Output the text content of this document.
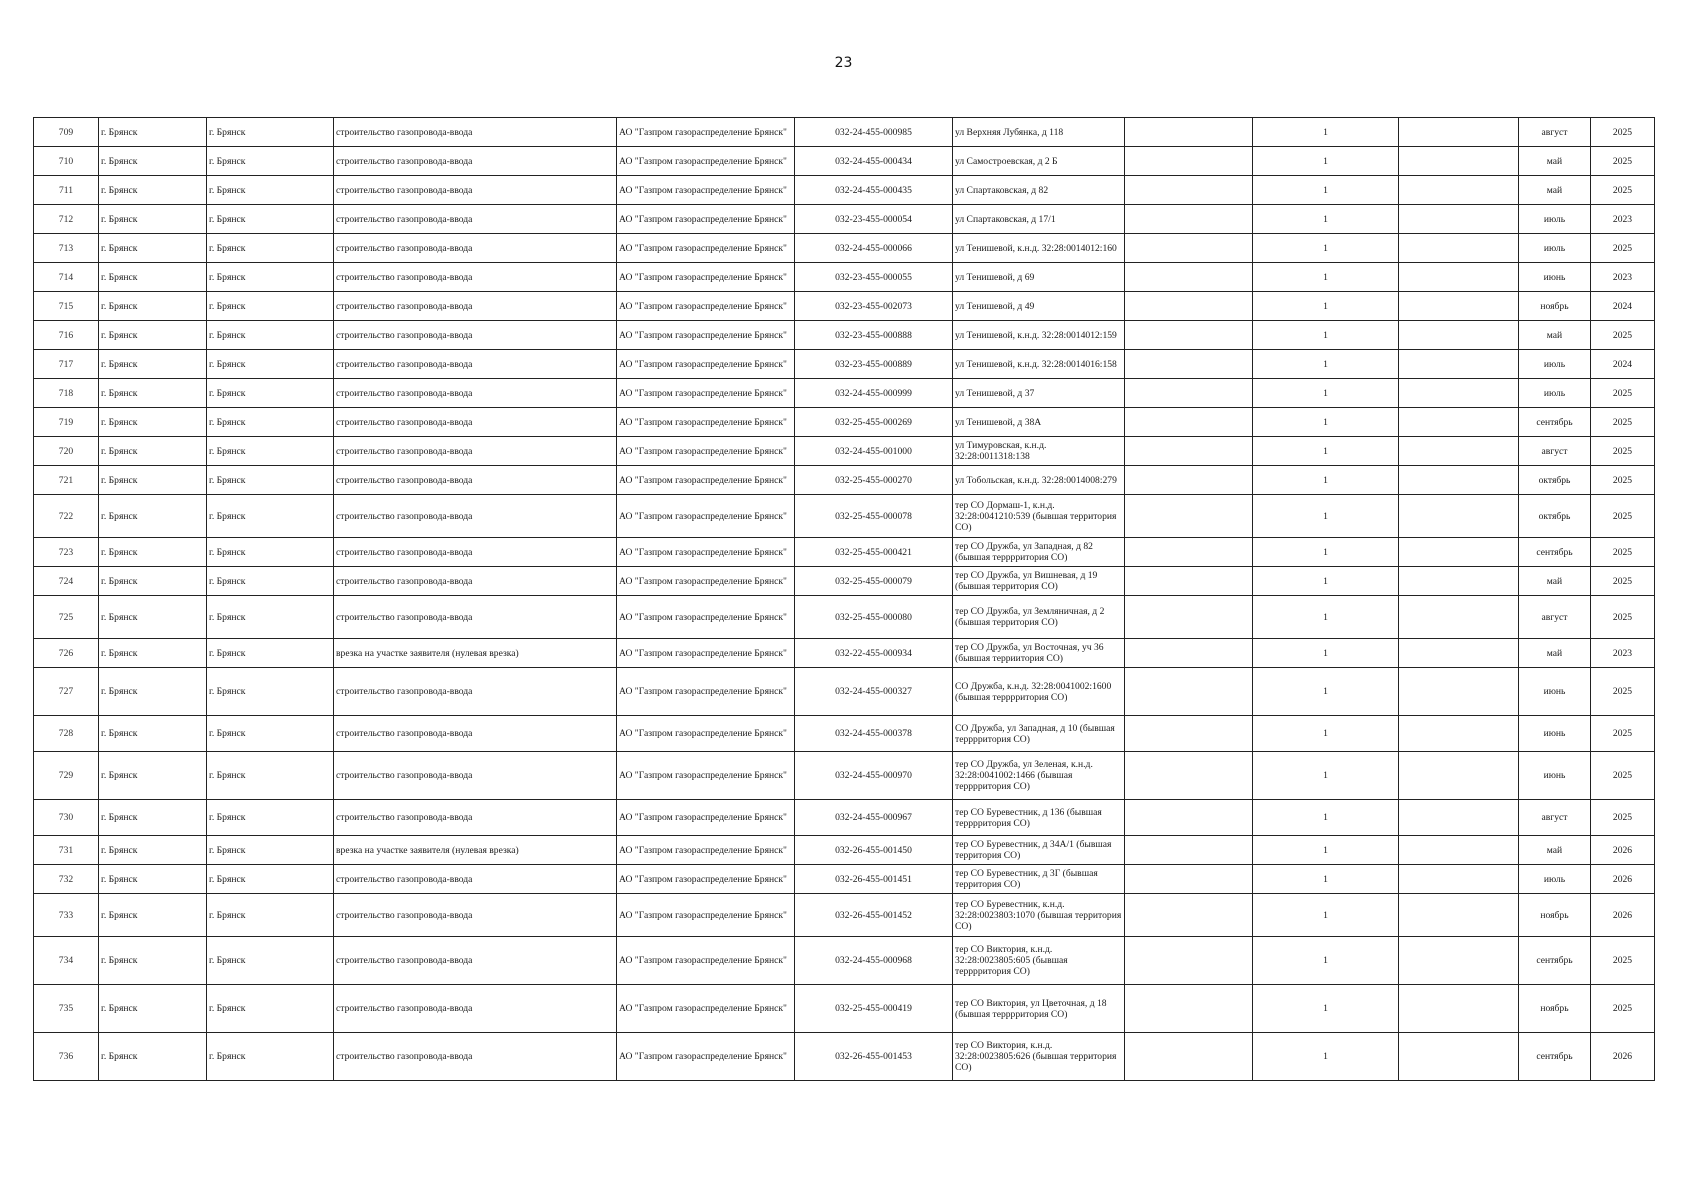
23
709	г. Брянск	г. Брянск	строительство газопровода-ввода	АО "Газпром газораспределение Брянск"	032-24-455-000985	ул Верхняя Лубянка, д 118		1		август	2025
710	г. Брянск	г. Брянск	строительство газопровода-ввода	АО "Газпром газораспределение Брянск"	032-24-455-000434	ул Самостроевская, д 2 Б		1		май	2025
711	г. Брянск	г. Брянск	строительство газопровода-ввода	АО "Газпром газораспределение Брянск"	032-24-455-000435	ул Спартаковская, д 82		1		май	2025
712	г. Брянск	г. Брянск	строительство газопровода-ввода	АО "Газпром газораспределение Брянск"	032-23-455-000054	ул Спартаковская, д 17/1		1		июль	2023
713	г. Брянск	г. Брянск	строительство газопровода-ввода	АО "Газпром газораспределение Брянск"	032-24-455-000066	ул Тенишевой, к.н.д. 32:28:0014012:160		1		июль	2025
714	г. Брянск	г. Брянск	строительство газопровода-ввода	АО "Газпром газораспределение Брянск"	032-23-455-000055	ул Тенишевой, д 69		1		июнь	2023
715	г. Брянск	г. Брянск	строительство газопровода-ввода	АО "Газпром газораспределение Брянск"	032-23-455-002073	ул Тенишевой, д 49		1		ноябрь	2024
716	г. Брянск	г. Брянск	строительство газопровода-ввода	АО "Газпром газораспределение Брянск"	032-23-455-000888	ул Тенишевой, к.н.д. 32:28:0014012:159		1		май	2025
717	г. Брянск	г. Брянск	строительство газопровода-ввода	АО "Газпром газораспределение Брянск"	032-23-455-000889	ул Тенишевой, к.н.д. 32:28:0014016:158		1		июль	2024
718	г. Брянск	г. Брянск	строительство газопровода-ввода	АО "Газпром газораспределение Брянск"	032-24-455-000999	ул Тенишевой, д 37		1		июль	2025
719	г. Брянск	г. Брянск	строительство газопровода-ввода	АО "Газпром газораспределение Брянск"	032-25-455-000269	ул Тенишевой, д 38А		1		сентябрь	2025
720	г. Брянск	г. Брянск	строительство газопровода-ввода	АО "Газпром газораспределение Брянск"	032-24-455-001000	ул Тимуровская, к.н.д. 32:28:0011318:138		1		август	2025
721	г. Брянск	г. Брянск	строительство газопровода-ввода	АО "Газпром газораспределение Брянск"	032-25-455-000270	ул Тобольская, к.н.д. 32:28:0014008:279		1		октябрь	2025
722	г. Брянск	г. Брянск	строительство газопровода-ввода	АО "Газпром газораспределение Брянск"	032-25-455-000078	тер СО Дормаш-1, к.н.д. 32:28:0041210:539 (бывшая территория СО)		1		октябрь	2025
723	г. Брянск	г. Брянск	строительство газопровода-ввода	АО "Газпром газораспределение Брянск"	032-25-455-000421	тер СО Дружба, ул Западная, д 82 (бывшая терррритория СО)		1		сентябрь	2025
724	г. Брянск	г. Брянск	строительство газопровода-ввода	АО "Газпром газораспределение Брянск"	032-25-455-000079	тер СО Дружба, ул Вишневая, д 19 (бывшая территория СО)		1		май	2025
725	г. Брянск	г. Брянск	строительство газопровода-ввода	АО "Газпром газораспределение Брянск"	032-25-455-000080	тер СО Дружба, ул Земляничная, д 2 (бывшая территория СО)		1		август	2025
726	г. Брянск	г. Брянск	врезка на участке заявителя (нулевая врезка)	АО "Газпром газораспределение Брянск"	032-22-455-000934	тер СО Дружба, ул Восточная, уч 36 (бывшая терриитория СО)		1		май	2023
727	г. Брянск	г. Брянск	строительство газопровода-ввода	АО "Газпром газораспределение Брянск"	032-24-455-000327	СО Дружба, к.н.д. 32:28:0041002:1600 (бывшая терррритория СО)		1		июнь	2025
728	г. Брянск	г. Брянск	строительство газопровода-ввода	АО "Газпром газораспределение Брянск"	032-24-455-000378	СО Дружба, ул Западная, д 10 (бывшая терррритория СО)		1		июнь	2025
729	г. Брянск	г. Брянск	строительство газопровода-ввода	АО "Газпром газораспределение Брянск"	032-24-455-000970	тер СО Дружба, ул Зеленая, к.н.д. 32:28:0041002:1466 (бывшая терррритория СО)		1		июнь	2025
730	г. Брянск	г. Брянск	строительство газопровода-ввода	АО "Газпром газораспределение Брянск"	032-24-455-000967	тер СО Буревестник, д 136 (бывшая терррритория СО)		1		август	2025
731	г. Брянск	г. Брянск	врезка на участке заявителя (нулевая врезка)	АО "Газпром газораспределение Брянск"	032-26-455-001450	тер СО Буревестник, д 34А/1 (бывшая территория СО)		1		май	2026
732	г. Брянск	г. Брянск	строительство газопровода-ввода	АО "Газпром газораспределение Брянск"	032-26-455-001451	тер СО Буревестник, д 3Г (бывшая территория СО)		1		июль	2026
733	г. Брянск	г. Брянск	строительство газопровода-ввода	АО "Газпром газораспределение Брянск"	032-26-455-001452	тер СО Буревестник, к.н.д. 32:28:0023803:1070 (бывшая территория СО)		1		ноябрь	2026
734	г. Брянск	г. Брянск	строительство газопровода-ввода	АО "Газпром газораспределение Брянск"	032-24-455-000968	тер СО Виктория, к.н.д. 32:28:0023805:605 (бывшая терррритория СО)		1		сентябрь	2025
735	г. Брянск	г. Брянск	строительство газопровода-ввода	АО "Газпром газораспределение Брянск"	032-25-455-000419	тер СО Виктория, ул Цветочная, д 18 (бывшая терррритория СО)		1		ноябрь	2025
736	г. Брянск	г. Брянск	строительство газопровода-ввода	АО "Газпром газораспределение Брянск"	032-26-455-001453	тер СО Виктория, к.н.д. 32:28:0023805:626 (бывшая территория СО)		1		сентябрь	2026
